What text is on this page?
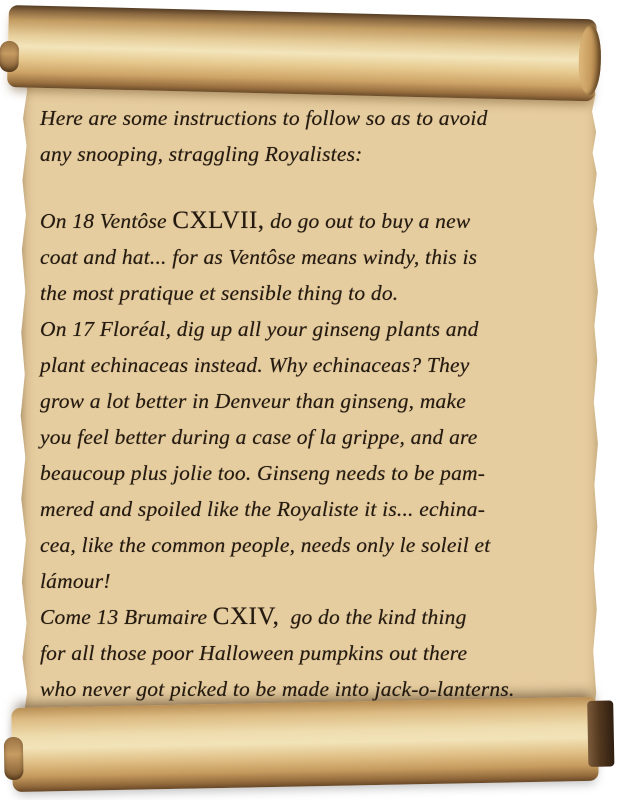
Here are some instructions to follow so as to avoid
any snooping, straggling Royalistes:
On 18 Ventôse CXLVII, do go out to buy a new
coat and hat... for as Ventôse means windy, this is
the most pratique et sensible thing to do.
On 17 Floréal, dig up all your ginseng plants and
plant echinaceas instead. Why echinaceas? They
grow a lot better in Denveur than ginseng, make
you feel better during a case of la grippe, and are
beaucoup plus jolie too. Ginseng needs to be pam-
mered and spoiled like the Royaliste it is... echina-
cea, like the common people, needs only le soleil et
lámour!
Come 13 Brumaire CXIV,  go do the kind thing
for all those poor Halloween pumpkins out there
who never got picked to be made into jack-o-lanterns.
